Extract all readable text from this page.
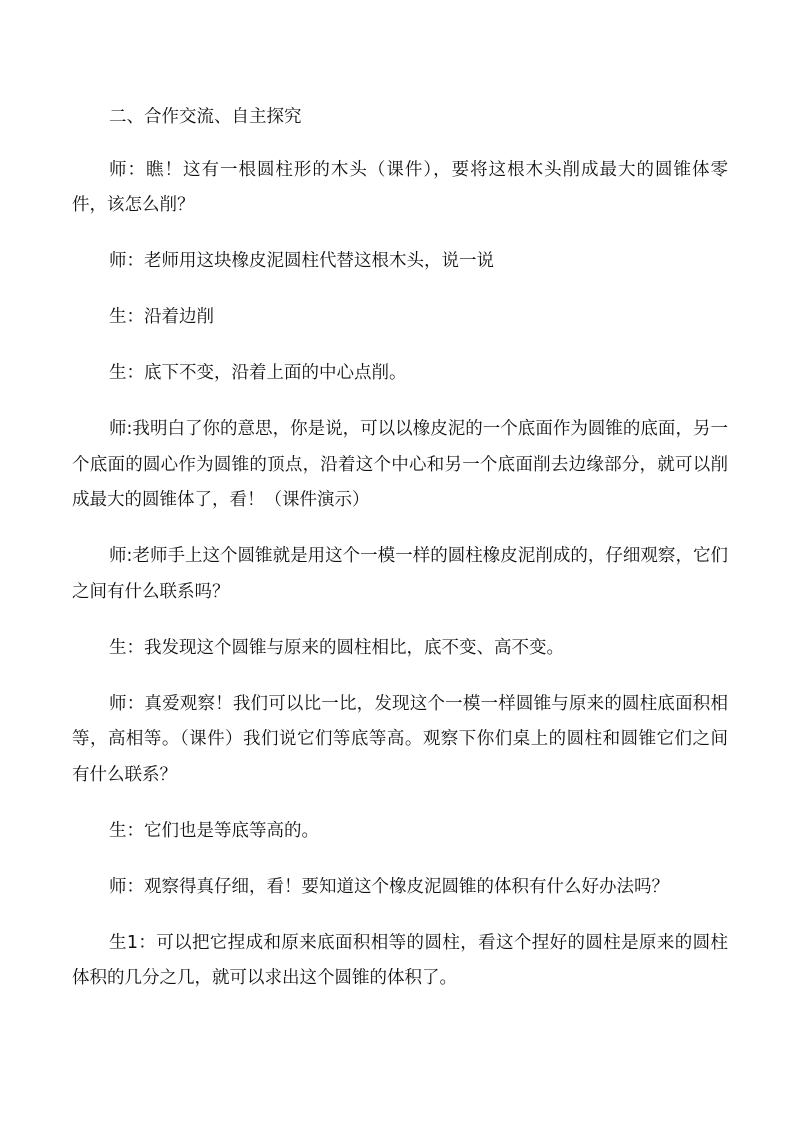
二、合作交流、自主探究

师：瞧！这有一根圆柱形的木头（课件），要将这根木头削成最大的圆锥体零件，该怎么削？

师：老师用这块橡皮泥圆柱代替这根木头，说一说

生：沿着边削

生：底下不变，沿着上面的中心点削。

师:我明白了你的意思，你是说，可以以橡皮泥的一个底面作为圆锥的底面，另一个底面的圆心作为圆锥的顶点，沿着这个中心和另一个底面削去边缘部分，就可以削成最大的圆锥体了，看！（课件演示）

师:老师手上这个圆锥就是用这个一模一样的圆柱橡皮泥削成的，仔细观察，它们之间有什么联系吗？

生：我发现这个圆锥与原来的圆柱相比，底不变、高不变。

师：真爱观察！我们可以比一比，发现这个一模一样圆锥与原来的圆柱底面积相等，高相等。（课件）我们说它们等底等高。观察下你们桌上的圆柱和圆锥它们之间有什么联系？

生：它们也是等底等高的。

师：观察得真仔细，看！要知道这个橡皮泥圆锥的体积有什么好办法吗？

生1：可以把它捏成和原来底面积相等的圆柱，看这个捏好的圆柱是原来的圆柱体积的几分之几，就可以求出这个圆锥的体积了。
